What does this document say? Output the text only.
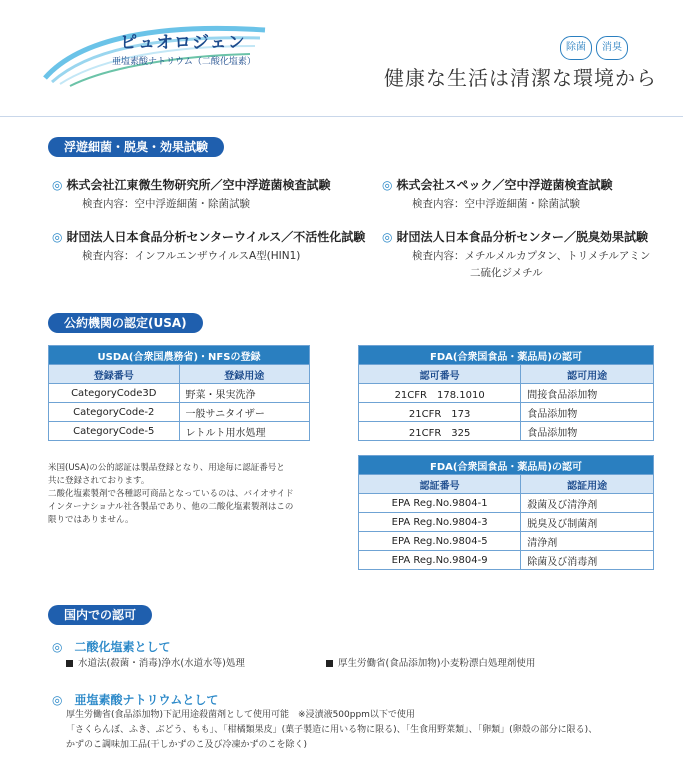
ピュオロジェン
亜塩素酸ナトリウム（二酸化塩素）
除菌	消臭
健康な生活は清潔な環境から
浮遊細菌・脱臭・効果試験
◎ 株式会社江東微生物研究所／空中浮遊菌検査試験
検査内容：空中浮遊細菌・除菌試験
◎ 株式会社スペック／空中浮遊菌検査試験
検査内容：空中浮遊細菌・除菌試験
◎ 財団法人日本食品分析センターウイルス／不活性化試験
検査内容：インフルエンザウイルスA型(HIN1)
◎ 財団法人日本食品分析センター／脱臭効果試験
検査内容：メチルメルカプタン、トリメチルアミン
二硫化ジメチル
公約機関の認定(USA)
USDA(合衆国農務省)・NFSの登録	
登録番号	登録用途
CategoryCode3D	野菜・果実洗浄
CategoryCode-2	一般サニタイザー
CategoryCode-5	レトルト用水処理
FDA(合衆国食品・薬品局)の認可	
認可番号	認可用途
21CFR　178.1010	間接食品添加物
21CFR　173	食品添加物
21CFR　325	食品添加物
米国(USA)の公的認証は製品登録となり、用途毎に認証番号と
共に登録されております。
二酸化塩素製剤で各種認可商品となっているのは、バイオサイド
インターナショナル社各製品であり、他の二酸化塩素製剤はこの
限りではありません。
FDA(合衆国食品・薬品局)の認可	
認証番号	認証用途
EPA Reg.No.9804-1	殺菌及び清浄剤
EPA Reg.No.9804-3	脱臭及び制菌剤
EPA Reg.No.9804-5	清浄剤
EPA Reg.No.9804-9	除菌及び消毒剤
国内での認可
◎　 二酸化塩素として
水道法(殺菌・消毒)浄水(水道水等)処理	厚生労働省(食品添加物)小麦粉漂白処理剤使用
◎　 亜塩素酸ナトリウムとして
厚生労働省(食品添加物)下記用途殺菌剤として使用可能　※浸漬液500ppm以下で使用
「さくらんぼ、ふき、ぶどう、もも」、「柑橘類果皮」(菓子製造に用いる物に限る)、「生食用野菜類」、「卵類」(卵殻の部分に限る)、
かずのこ調味加工品(干しかずのこ及び冷凍かずのこを除く)
